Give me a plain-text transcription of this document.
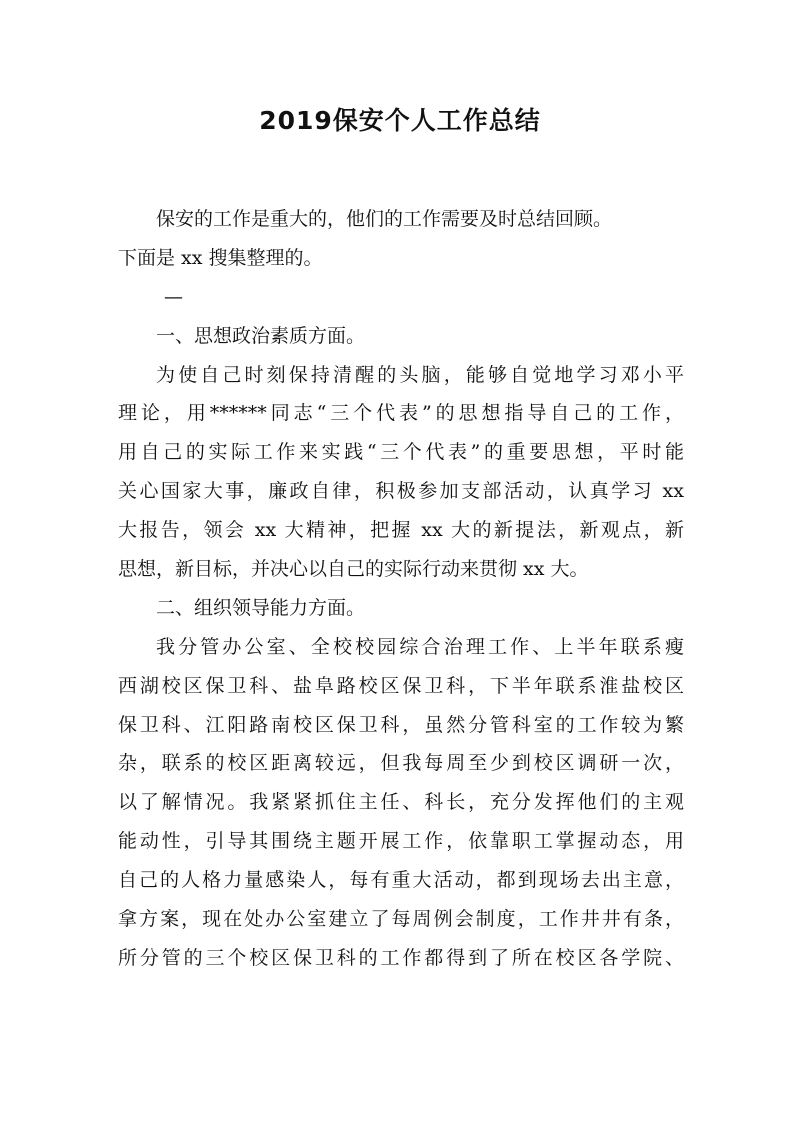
2019保安个人工作总结
保安的工作是重大的，他们的工作需要及时总结回顾。
下面是 xx 搜集整理的。
—
一、思想政治素质方面。
为使自己时刻保持清醒的头脑，能够自觉地学习邓小平
理论，用******同志“三个代表”的思想指导自己的工作，
用自己的实际工作来实践“三个代表”的重要思想，平时能
关心国家大事，廉政自律，积极参加支部活动，认真学习 xx
大报告，领会 xx 大精神，把握 xx 大的新提法，新观点，新
思想，新目标，并决心以自己的实际行动来贯彻 xx 大。
二、组织领导能力方面。
我分管办公室、全校校园综合治理工作、上半年联系瘦
西湖校区保卫科、盐阜路校区保卫科，下半年联系淮盐校区
保卫科、江阳路南校区保卫科，虽然分管科室的工作较为繁
杂，联系的校区距离较远，但我每周至少到校区调研一次，
以了解情况。我紧紧抓住主任、科长，充分发挥他们的主观
能动性，引导其围绕主题开展工作，依靠职工掌握动态，用
自己的人格力量感染人，每有重大活动，都到现场去出主意，
拿方案，现在处办公室建立了每周例会制度，工作井井有条，
所分管的三个校区保卫科的工作都得到了所在校区各学院、
